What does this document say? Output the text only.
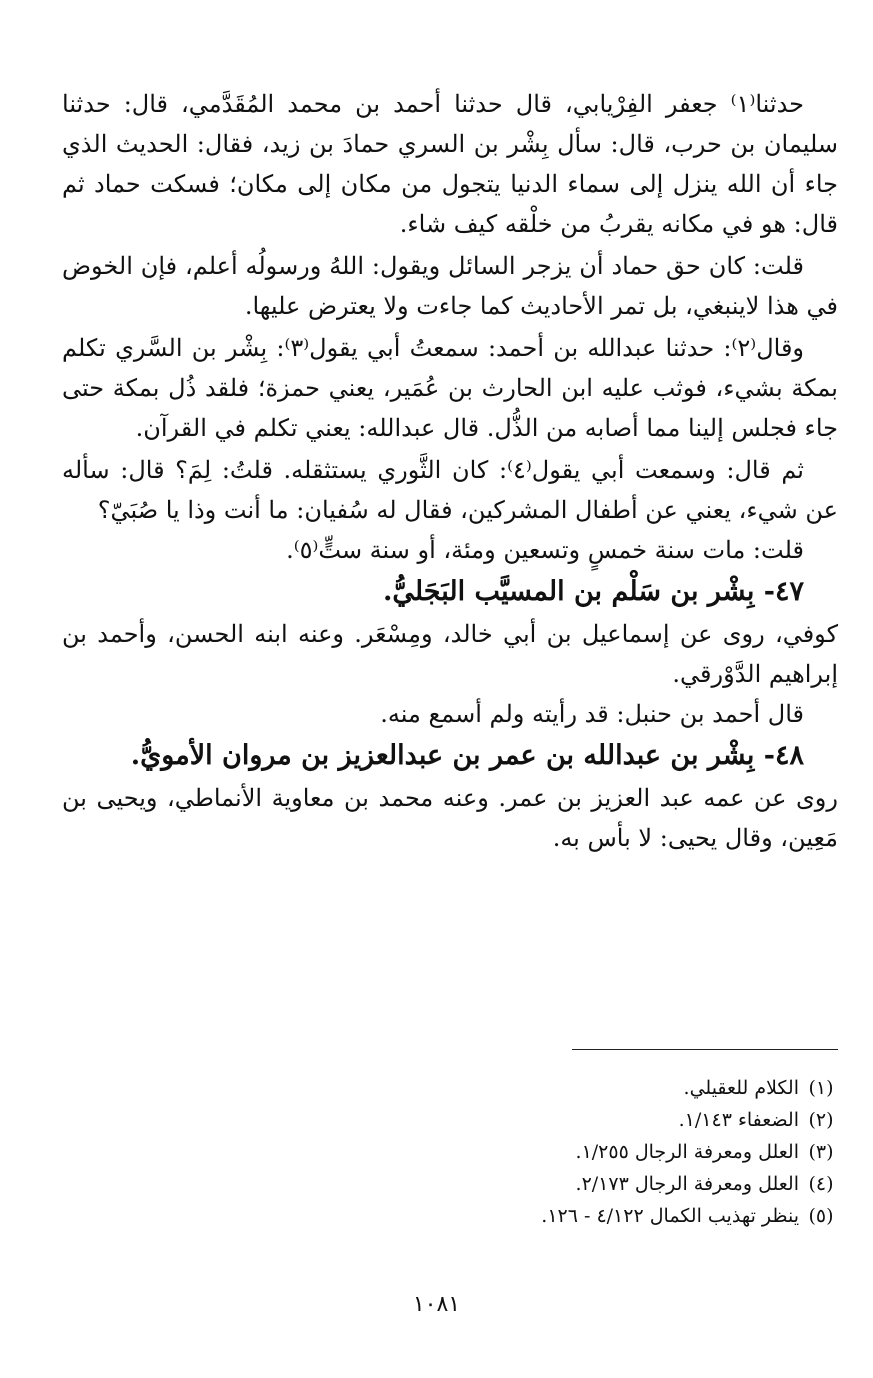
حدثنا⁽١⁾ جعفر الفِرْيابي، قال حدثنا أحمد بن محمد المُقَدَّمي، قال: حدثنا سليمان بن حرب، قال: سأل بِشْر بن السري حمادَ بن زيد، فقال: الحديث الذي جاء أن الله ينزل إلى سماء الدنيا يتجول من مكان إلى مكان؛ فسكت حماد ثم قال: هو في مكانه يقربُ من خلْقه كيف شاء.

قلت: كان حق حماد أن يزجر السائل ويقول: اللهُ ورسولُه أعلم، فإن الخوض في هذا لاينبغي، بل تمر الأحاديث كما جاءت ولا يعترض عليها.

وقال⁽٢⁾: حدثنا عبدالله بن أحمد: سمعتُ أبي يقول⁽٣⁾: بِشْر بن السَّري تكلم بمكة بشيء، فوثب عليه ابن الحارث بن عُمَير، يعني حمزة؛ فلقد ذُل بمكة حتى جاء فجلس إلينا مما أصابه من الذُّل. قال عبدالله: يعني تكلم في القرآن.

ثم قال: وسمعت أبي يقول⁽٤⁾: كان الثَّوري يستثقله. قلتُ: لِمَ؟ قال: سأله عن شيء، يعني عن أطفال المشركين، فقال له سُفيان: ما أنت وذا يا صُبَيّ؟

قلت: مات سنة خمسٍ وتسعين ومئة، أو سنة ستٍّ⁽٥⁾.

٤٧- بِشْر بن سَلْم بن المسيَّب البَجَليُّ.

كوفي، روى عن إسماعيل بن أبي خالد، ومِسْعَر. وعنه ابنه الحسن، وأحمد بن إبراهيم الدَّوْرقي.

قال أحمد بن حنبل: قد رأيته ولم أسمع منه.

٤٨- بِشْر بن عبدالله بن عمر بن عبدالعزيز بن مروان الأمويُّ.

روى عن عمه عبد العزيز بن عمر. وعنه محمد بن معاوية الأنماطي، ويحيى بن مَعِين، وقال يحيى: لا بأس به.

(١)
الكلام للعقيلي.
(٢)
الضعفاء ١/١٤٣.
(٣)
العلل ومعرفة الرجال ١/٢٥٥.
(٤)
العلل ومعرفة الرجال ٢/١٧٣.
(٥)
ينظر تهذيب الكمال ٤/١٢٢ - ١٢٦.
١٠٨١
